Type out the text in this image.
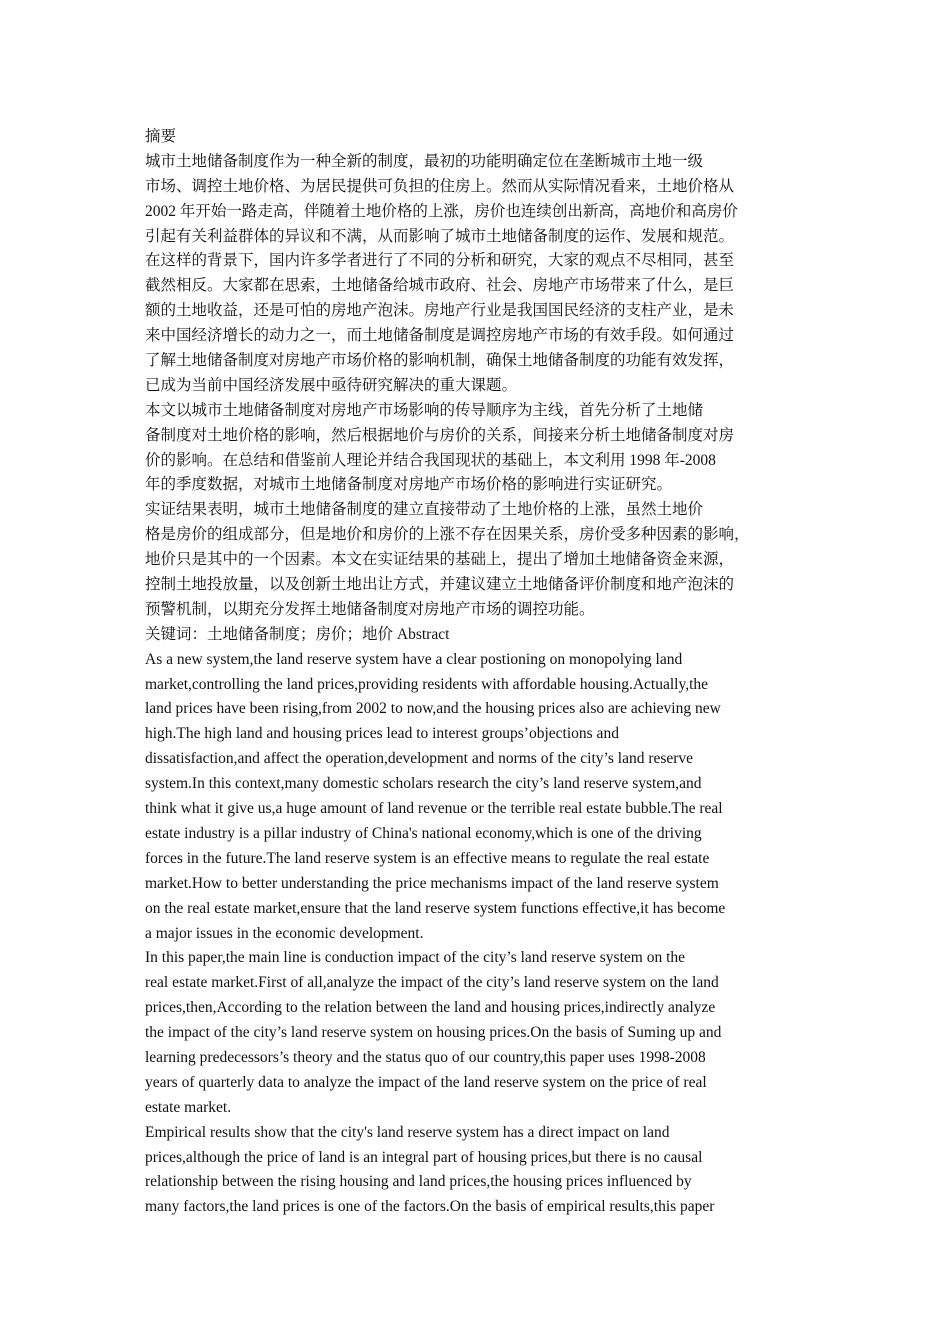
摘要
城市土地储备制度作为一种全新的制度，最初的功能明确定位在垄断城市土地一级
市场、调控土地价格、为居民提供可负担的住房上。然而从实际情况看来，土地价格从
2002 年开始一路走高，伴随着土地价格的上涨，房价也连续创出新高，高地价和高房价
引起有关利益群体的异议和不满，从而影响了城市土地储备制度的运作、发展和规范。
在这样的背景下，国内许多学者进行了不同的分析和研究，大家的观点不尽相同，甚至
截然相反。大家都在思索，土地储备给城市政府、社会、房地产市场带来了什么，是巨
额的土地收益，还是可怕的房地产泡沫。房地产行业是我国国民经济的支柱产业，是未
来中国经济增长的动力之一，而土地储备制度是调控房地产市场的有效手段。如何通过
了解土地储备制度对房地产市场价格的影响机制，确保土地储备制度的功能有效发挥，
已成为当前中国经济发展中亟待研究解决的重大课题。
本文以城市土地储备制度对房地产市场影响的传导顺序为主线，首先分析了土地储
备制度对土地价格的影响，然后根据地价与房价的关系，间接来分析土地储备制度对房
价的影响。在总结和借鉴前人理论并结合我国现状的基础上，本文利用 1998 年-2008
年的季度数据，对城市土地储备制度对房地产市场价格的影响进行实证研究。
实证结果表明，城市土地储备制度的建立直接带动了土地价格的上涨，虽然土地价
格是房价的组成部分，但是地价和房价的上涨不存在因果关系，房价受多种因素的影响，
地价只是其中的一个因素。本文在实证结果的基础上，提出了增加土地储备资金来源，
控制土地投放量，以及创新土地出让方式，并建议建立土地储备评价制度和地产泡沫的
预警机制，以期充分发挥土地储备制度对房地产市场的调控功能。
关键词：土地储备制度；房价；地价 Abstract
As a new system,the land reserve system have a clear postioning on monopolying land
market,controlling the land prices,providing residents with affordable housing.Actually,the
land prices have been rising,from 2002 to now,and the housing prices also are achieving new
high.The high land and housing prices lead to interest groups’objections and
dissatisfaction,and affect the operation,development and norms of the city’s land reserve
system.In this context,many domestic scholars research the city’s land reserve system,and
think what it give us,a huge amount of land revenue or the terrible real estate bubble.The real
estate industry is a pillar industry of China's national economy,which is one of the driving
forces in the future.The land reserve system is an effective means to regulate the real estate
market.How to better understanding the price mechanisms impact of the land reserve system
on the real estate market,ensure that the land reserve system functions effective,it has become
a major issues in the economic development.
In this paper,the main line is conduction impact of the city’s land reserve system on the
real estate market.First of all,analyze the impact of the city’s land reserve system on the land
prices,then,According to the relation between the land and housing prices,indirectly analyze
the impact of the city’s land reserve system on housing prices.On the basis of Suming up and
learning predecessors’s theory and the status quo of our country,this paper uses 1998-2008
years of quarterly data to analyze the impact of the land reserve system on the price of real
estate market.
Empirical results show that the city's land reserve system has a direct impact on land
prices,although the price of land is an integral part of housing prices,but there is no causal
relationship between the rising housing and land prices,the housing prices influenced by
many factors,the land prices is one of the factors.On the basis of empirical results,this paper
